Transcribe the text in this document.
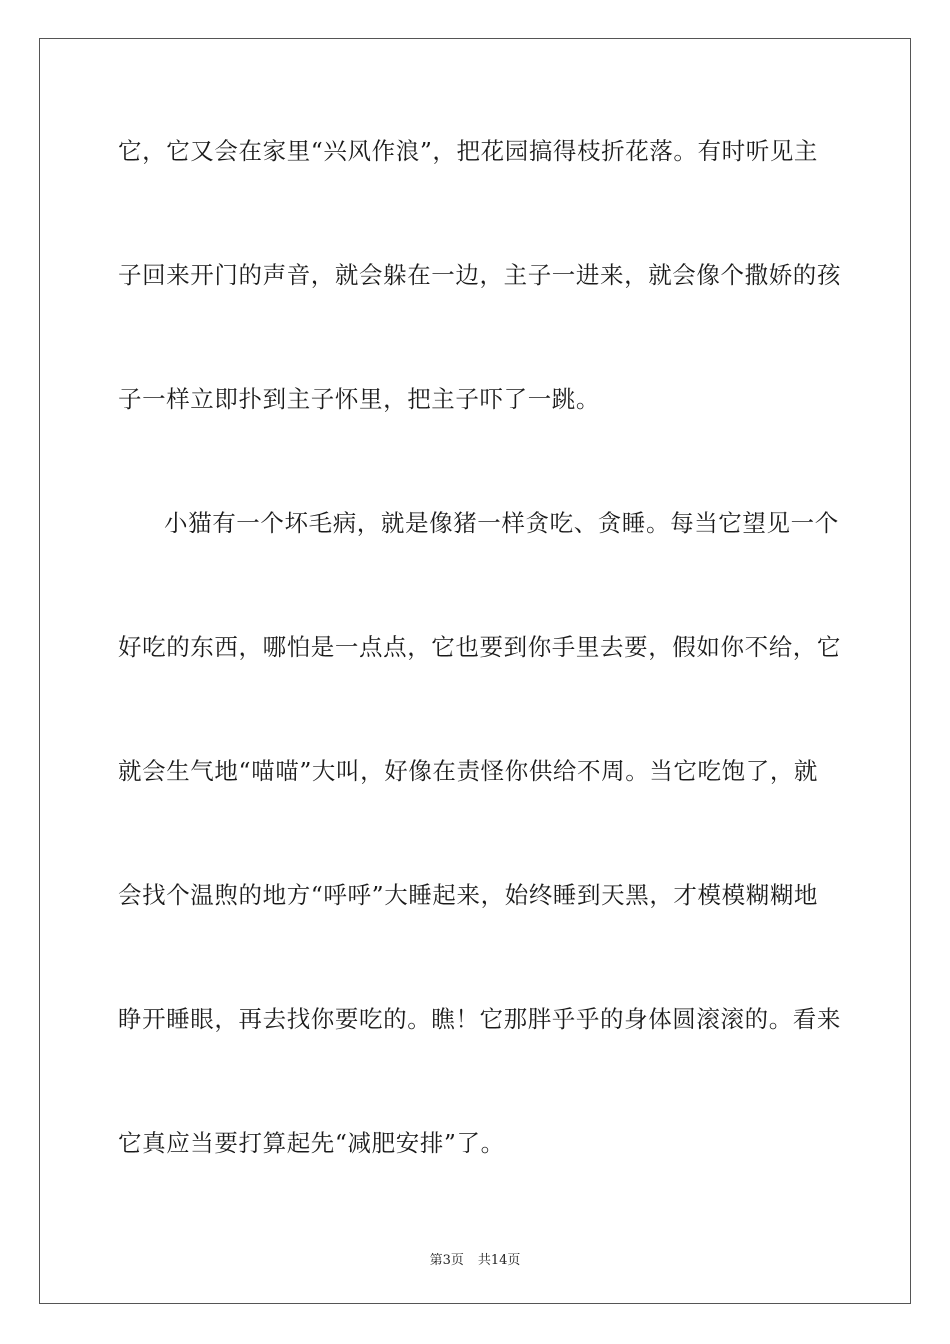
它，它又会在家里“兴风作浪”，把花园搞得枝折花落。有时听见主
子回来开门的声音，就会躲在一边，主子一进来，就会像个撒娇的孩
子一样立即扑到主子怀里，把主子吓了一跳。
小猫有一个坏毛病，就是像猪一样贪吃、贪睡。每当它望见一个
好吃的东西，哪怕是一点点，它也要到你手里去要，假如你不给，它
就会生气地“喵喵”大叫，好像在责怪你供给不周。当它吃饱了，就
会找个温煦的地方“呼呼”大睡起来，始终睡到天黑，才模模糊糊地
睁开睡眼，再去找你要吃的。瞧！它那胖乎乎的身体圆滚滚的。看来
它真应当要打算起先“减肥安排”了。
第3页 共14页
